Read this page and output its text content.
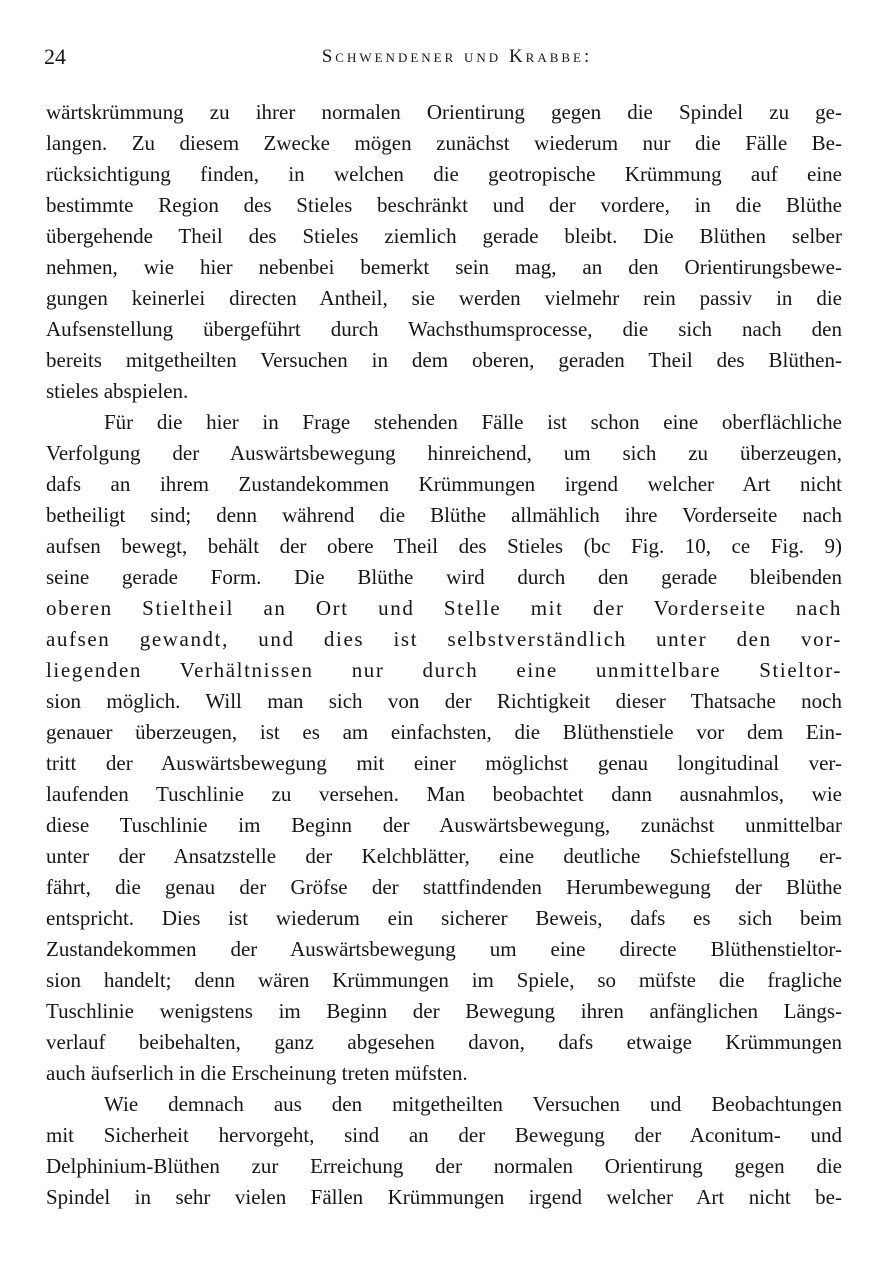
24	Schwendener und Krabbe:
wärtskrümmung zu ihrer normalen Orientirung gegen die Spindel zu ge-
langen. Zu diesem Zwecke mögen zunächst wiederum nur die Fälle Be-
rücksichtigung finden, in welchen die geotropische Krümmung auf eine
bestimmte Region des Stieles beschränkt und der vordere, in die Blüthe
übergehende Theil des Stieles ziemlich gerade bleibt. Die Blüthen selber
nehmen, wie hier nebenbei bemerkt sein mag, an den Orientirungsbewe-
gungen keinerlei directen Antheil, sie werden vielmehr rein passiv in die
Aufsenstellung übergeführt durch Wachsthumsprocesse, die sich nach den
bereits mitgetheilten Versuchen in dem oberen, geraden Theil des Blüthen-
stieles abspielen.
Für die hier in Frage stehenden Fälle ist schon eine oberflächliche
Verfolgung der Auswärtsbewegung hinreichend, um sich zu überzeugen,
dafs an ihrem Zustandekommen Krümmungen irgend welcher Art nicht
betheiligt sind; denn während die Blüthe allmählich ihre Vorderseite nach
aufsen bewegt, behält der obere Theil des Stieles (bc Fig. 10, ce Fig. 9)
seine gerade Form. Die Blüthe wird durch den gerade bleibenden
oberen Stieltheil an Ort und Stelle mit der Vorderseite nach
aufsen gewandt, und dies ist selbstverständlich unter den vor-
liegenden Verhältnissen nur durch eine unmittelbare Stieltor-
sion möglich. Will man sich von der Richtigkeit dieser Thatsache noch
genauer überzeugen, ist es am einfachsten, die Blüthenstiele vor dem Ein-
tritt der Auswärtsbewegung mit einer möglichst genau longitudinal ver-
laufenden Tuschlinie zu versehen. Man beobachtet dann ausnahmlos, wie
diese Tuschlinie im Beginn der Auswärtsbewegung, zunächst unmittelbar
unter der Ansatzstelle der Kelchblätter, eine deutliche Schiefstellung er-
fährt, die genau der Gröfse der stattfindenden Herumbewegung der Blüthe
entspricht. Dies ist wiederum ein sicherer Beweis, dafs es sich beim
Zustandekommen der Auswärtsbewegung um eine directe Blüthenstieltor-
sion handelt; denn wären Krümmungen im Spiele, so müfste die fragliche
Tuschlinie wenigstens im Beginn der Bewegung ihren anfänglichen Längs-
verlauf beibehalten, ganz abgesehen davon, dafs etwaige Krümmungen
auch äufserlich in die Erscheinung treten müfsten.
Wie demnach aus den mitgetheilten Versuchen und Beobachtungen
mit Sicherheit hervorgeht, sind an der Bewegung der Aconitum- und
Delphinium-Blüthen zur Erreichung der normalen Orientirung gegen die
Spindel in sehr vielen Fällen Krümmungen irgend welcher Art nicht be-
